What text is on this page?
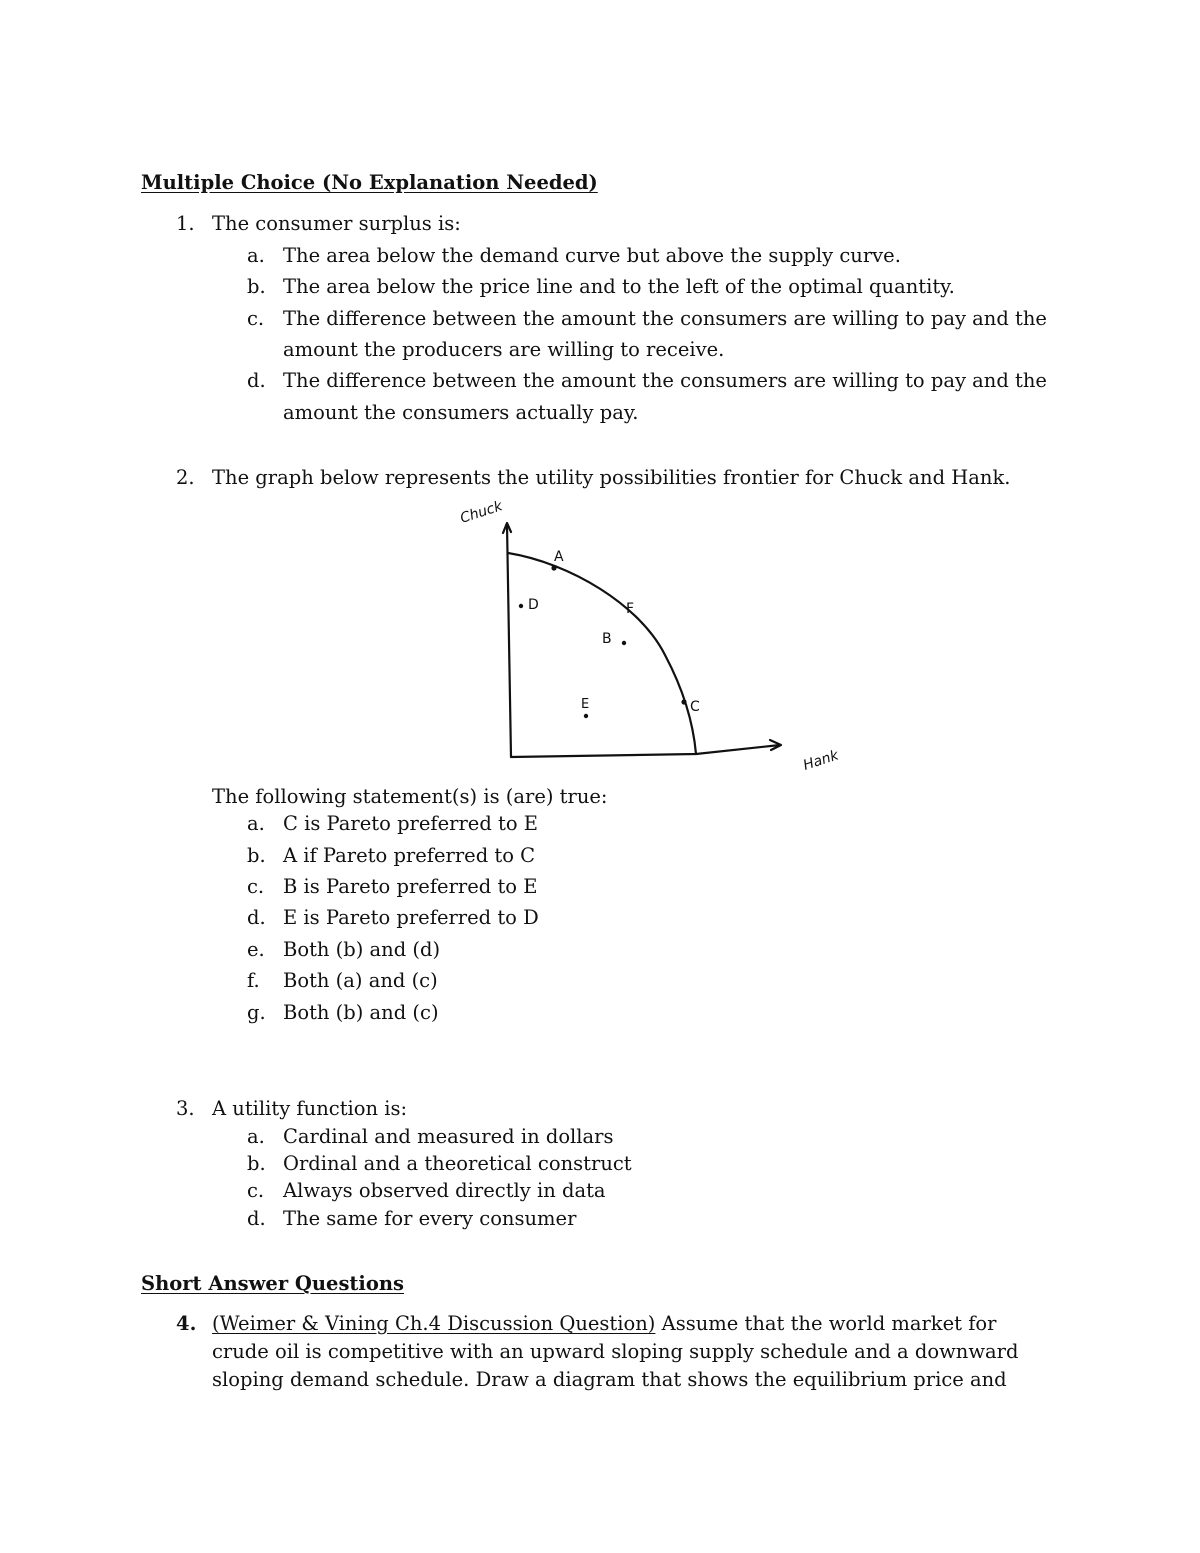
Multiple Choice (No Explanation Needed)
1. The consumer surplus is:
a. The area below the demand curve but above the supply curve.
b. The area below the price line and to the left of the optimal quantity.
c. The difference between the amount the consumers are willing to pay and the
amount the producers are willing to receive.
d. The difference between the amount the consumers are willing to pay and the
amount the consumers actually pay.
2. The graph below represents the utility possibilities frontier for Chuck and Hank.
Chuck
Hank
A
D	F
B
E	C
The following statement(s) is (are) true:
a. C is Pareto preferred to E
b. A if Pareto preferred to C
c. B is Pareto preferred to E
d. E is Pareto preferred to D
e. Both (b) and (d)
f. Both (a) and (c)
g. Both (b) and (c)
3. A utility function is:
a. Cardinal and measured in dollars
b. Ordinal and a theoretical construct
c. Always observed directly in data
d. The same for every consumer
Short Answer Questions
4. (Weimer & Vining Ch.4 Discussion Question) Assume that the world market for
crude oil is competitive with an upward sloping supply schedule and a downward
sloping demand schedule. Draw a diagram that shows the equilibrium price and
